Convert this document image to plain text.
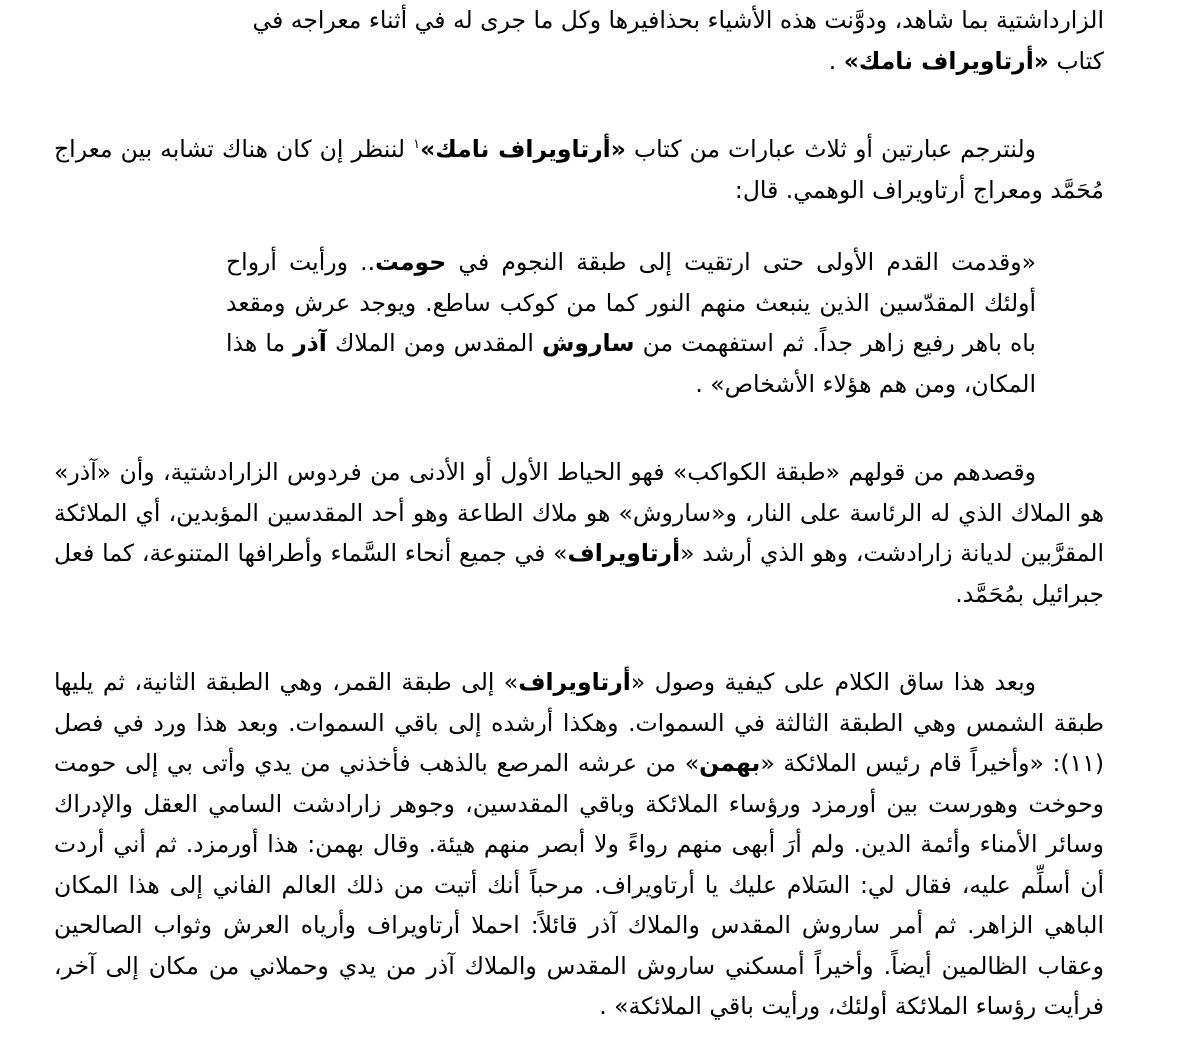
الزارداشتية بما شاهد، ودوَّنت هذه الأشياء بحذافيرها وكل ما جرى له في أثناء معراجه في
كتاب «أرتاويراف نامك» .

ولنترجم عبارتين أو ثلاث عبارات من كتاب «أرتاويراف نامك»$^١$ لننظر إن كان هناك تشابه بين معراج مُحَمَّد ومعراج أرتاويراف الوهمي. قال:

«وقدمت القدم الأولى حتى ارتقيت إلى طبقة النجوم في حومت.. ورأيت أرواح أولئك المقدّسين الذين ينبعث منهم النور كما من كوكب ساطع. ويوجد عرش ومقعد باه باهر رفيع زاهر جداً. ثم استفهمت من ساروش المقدس ومن الملاك آذر ما هذا المكان، ومن هم هؤلاء الأشخاص» .

وقصدهم من قولهم «طبقة الكواكب» فهو الحياط الأول أو الأدنى من فردوس الزارادشتية، وأن «آذر» هو الملاك الذي له الرئاسة على النار، و«ساروش» هو ملاك الطاعة وهو أحد المقدسين المؤبدين، أي الملائكة المقرَّبين لديانة زارادشت، وهو الذي أرشد «أرتاويراف» في جميع أنحاء السَّماء وأطرافها المتنوعة، كما فعل جبرائيل بمُحَمَّد.

وبعد هذا ساق الكلام على كيفية وصول «أرتاويراف» إلى طبقة القمر، وهي الطبقة الثانية، ثم يليها طبقة الشمس وهي الطبقة الثالثة في السموات. وهكذا أرشده إلى باقي السموات. وبعد هذا ورد في فصل (١١): «وأخيراً قام رئيس الملائكة «بهمن» من عرشه المرصع بالذهب فأخذني من يدي وأتى بي إلى حومت وحوخت وهورست بين أورمزد ورؤساء الملائكة وباقي المقدسين، وجوهر زارادشت السامي العقل والإدراك وسائر الأمناء وأئمة الدين. ولم أرَ أبهى منهم رواءً ولا أبصر منهم هيئة. وقال بهمن: هذا أورمزد. ثم أني أردت أن أسلِّم عليه، فقال لي: السَلام عليك يا أرتاويراف. مرحباً أنك أتيت من ذلك العالم الفاني إلى هذا المكان الباهي الزاهر. ثم أمر ساروش المقدس والملاك آذر قائلاً: احملا أرتاويراف وأرياه العرش وثواب الصالحين وعقاب الظالمين أيضاً. وأخيراً أمسكني ساروش المقدس والملاك آذر من يدي وحملاني من مكان إلى آخر، فرأيت رؤساء الملائكة أولئك، ورأيت باقي الملائكة» .
